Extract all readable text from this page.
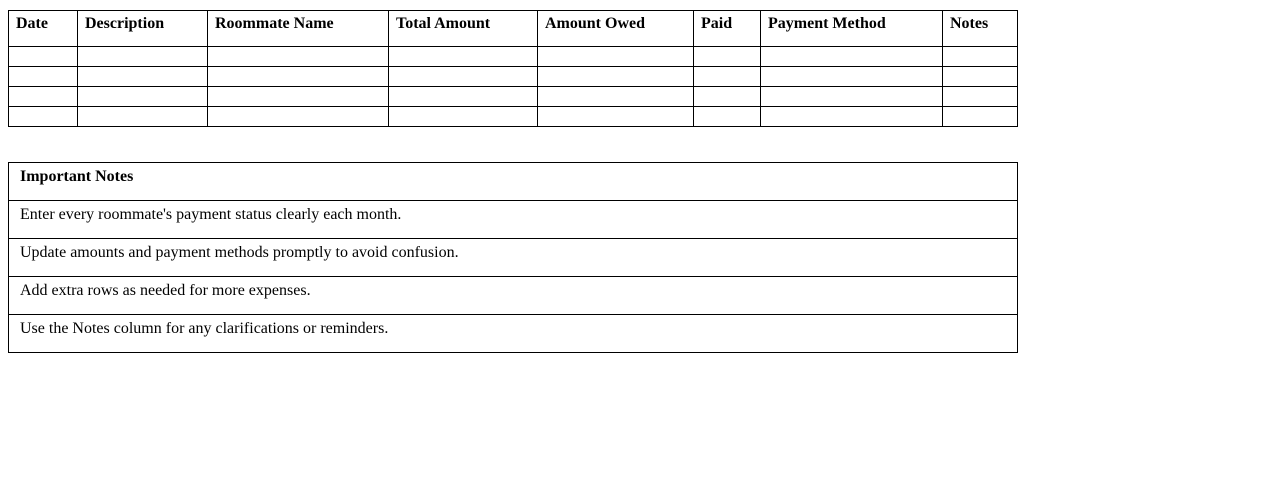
Date	Description	Roommate Name	Total Amount	Amount Owed	Paid	Payment Method	Notes

Important Notes
Enter every roommate's payment status clearly each month.
Update amounts and payment methods promptly to avoid confusion.
Add extra rows as needed for more expenses.
Use the Notes column for any clarifications or reminders.
